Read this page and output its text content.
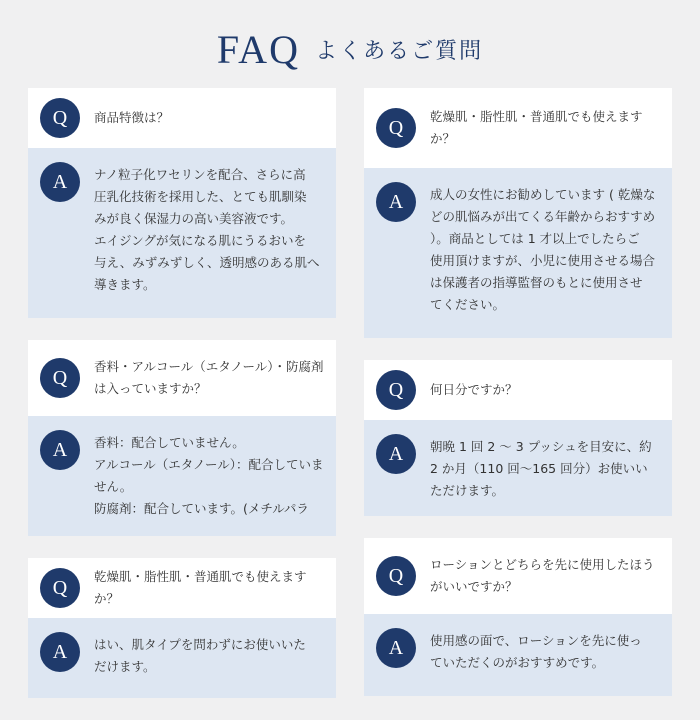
FAQ よくあるご質問
Q	商品特徴は？
A	ナノ粒子化ワセリンを配合、さらに高
圧乳化技術を採用した、とても肌馴染
みが良く保湿力の高い美容液です。
エイジングが気になる肌にうるおいを
与え、みずみずしく、透明感のある肌へ
導きます。
Q	香料・アルコール（エタノール）・防腐剤は入っていますか？
A	香料：配合していません。
アルコール（エタノール）：配合していま
せん。
防腐剤：配合しています。(メチルパラ
Q	乾燥肌・脂性肌・普通肌でも使えますか？
A	はい、肌タイプを問わずにお使いいた
だけます。
Q	乾燥肌・脂性肌・普通肌でも使えますか？
A	成人の女性にお勧めしています ( 乾燥な
どの肌悩みが出てくる年齢からおすすめ
）。商品としては 1 才以上でしたらご
使用頂けますが、小児に使用させる場合
は保護者の指導監督のもとに使用させ
てください。
Q	何日分ですか？
A	朝晩 1 回 2 〜 3 プッシュを目安に、約
2 か月（110 回〜165 回分）お使いい
ただけます。
Q	ローションとどちらを先に使用したほうがいいですか？
A	使用感の面で、ローションを先に使っ
ていただくのがおすすめです。
